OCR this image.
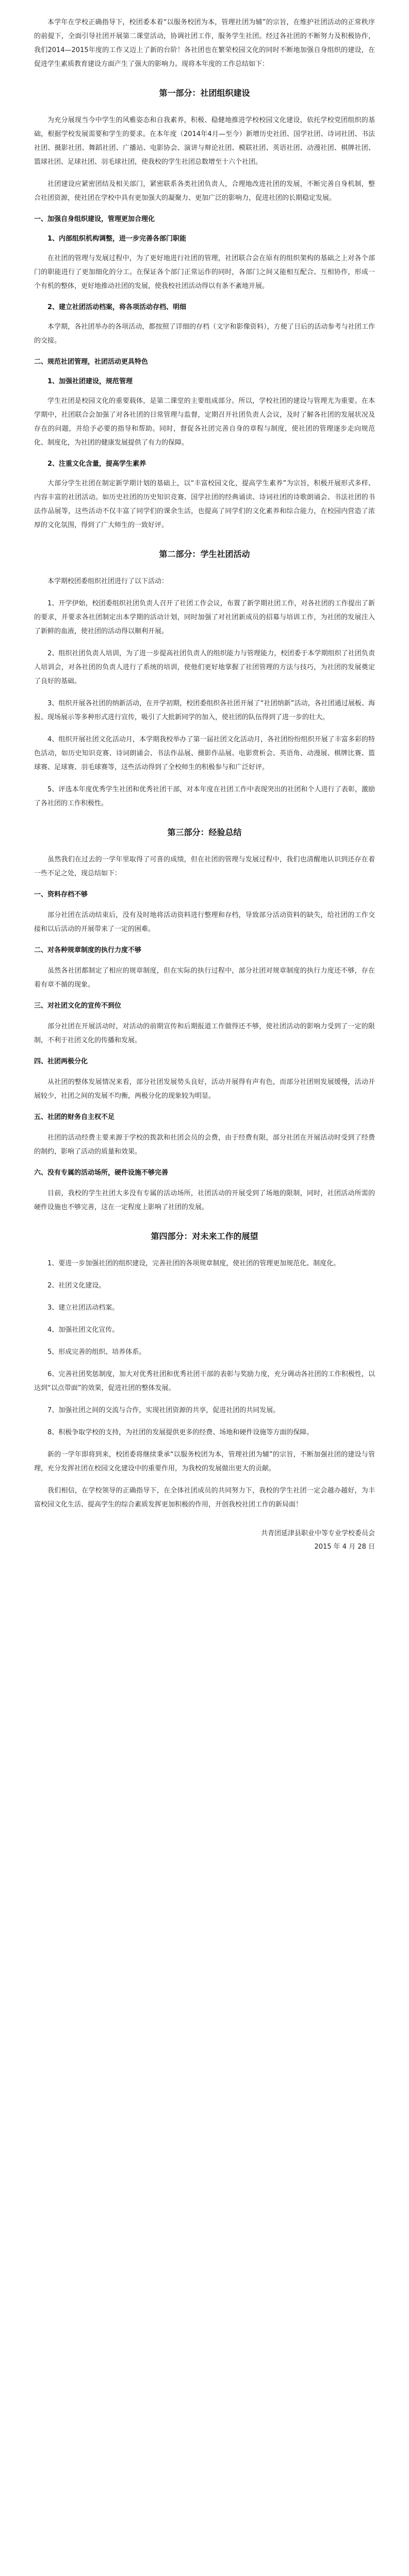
本学年在学校正确指导下，校团委本着“以服务校团为本，管理社团为辅”的宗旨，在维护社团活动的正常秩序的前提下，全面引导社团开展第二课堂活动，协调社团工作，服务学生社团。经过各社团的不断努力及积极协作，我们2014—2015年度的工作又迈上了新的台阶！各社团也在繁荣校园文化的同时不断地加强自身组织的建设，在促进学生素质教育建设方面产生了强大的影响力。现将本年度的工作总结如下：

第一部分：社团组织建设

为充分展现当今中学生的风雅姿态和自我素养，积极、稳健地推进学校校园文化建设，依托学校党团组织的基础，根据学校发展需要和学生的要求。在本年度（2014年4月—至今）新增历史社团、国学社团、诗词社团、书法社团、摄影社团、舞蹈社团、广播站、电影协会、演讲与辩论社团、模联社团、英语社团、动漫社团、棋牌社团、篮球社团、足球社团、羽毛球社团，使我校的学生社团总数增至十六个社团。

社团建设应紧密团结及相关部门，紧密联系各类社团负责人，合理地改进社团的发展，不断完善自身机制，整合社团资源，使社团在学校中具有更加强大的凝聚力、更加广泛的影响力，促进社团的长期稳定发展。

一、加强自身组织建设，管理更加合理化
1、内部组织机构调整，进一步完善各部门职能

在社团的管理与发展过程中，为了更好地进行社团的管理，社团联合会在原有的组织架构的基础之上对各个部门的职能进行了更加细化的分工。在保证各个部门正常运作的同时，各部门之间又能相互配合、互相协作，形成一个有机的整体，更好地推动社团的发展，使我校社团活动得以有条不紊地开展。

2、建立社团活动档案，将各项活动存档、明细

本学期，各社团举办的各项活动，都按照了详细的存档（文字和影像资料），方便了日后的活动参考与社团工作的交接。

二、规范社团管理，社团活动更具特色
1、加强社团建设，规范管理

学生社团是校园文化的重要载体，是第二课堂的主要组成部分。所以，学校社团的建设与管理尤为重要。在本学期中，社团联合会加强了对各社团的日常管理与监督，定期召开社团负责人会议，及时了解各社团的发展状况及存在的问题，并给予必要的指导和帮助。同时，督促各社团完善自身的章程与制度，使社团的管理逐步走向规范化、制度化，为社团的健康发展提供了有力的保障。

2、注重文化含量，提高学生素养

大部分学生社团在制定新学期计划的基础上，以“丰富校园文化，提高学生素养”为宗旨，积极开展形式多样、内容丰富的社团活动。如历史社团的历史知识竞赛、国学社团的经典诵读、诗词社团的诗歌朗诵会、书法社团的书法作品展等，这些活动不仅丰富了同学们的课余生活，也提高了同学们的文化素养和综合能力，在校园内营造了浓厚的文化氛围，得到了广大师生的一致好评。

第二部分：学生社团活动

本学期校团委组织社团进行了以下活动：

1、开学伊始，校团委组织社团负责人召开了社团工作会议，布置了新学期社团工作，对各社团的工作提出了新的要求，并要求各社团制定出本学期的活动计划，同时加强了对社团新成员的招募与培训工作，为社团的发展注入了新鲜的血液，使社团的活动得以顺利开展。

2、组织社团负责人培训，为了进一步提高社团负责人的组织能力与管理能力，校团委于本学期组织了社团负责人培训会，对各社团的负责人进行了系统的培训，使他们更好地掌握了社团管理的方法与技巧，为社团的发展奠定了良好的基础。

3、组织开展各社团的纳新活动，在开学初期，校团委组织各社团开展了“社团纳新”活动，各社团通过展板、海报、现场展示等多种形式进行宣传，吸引了大批新同学的加入，使社团的队伍得到了进一步的壮大。

4、组织开展社团文化活动月，本学期我校举办了第一届社团文化活动月，各社团纷纷组织开展了丰富多彩的特色活动，如历史知识竞赛、诗词朗诵会、书法作品展、摄影作品展、电影赏析会、英语角、动漫展、棋牌比赛、篮球赛、足球赛、羽毛球赛等，这些活动得到了全校师生的积极参与和广泛好评。

5、评选本年度优秀学生社团和优秀社团干部，对本年度在社团工作中表现突出的社团和个人进行了表彰，激励了各社团的工作积极性。

第三部分：经验总结

虽然我们在过去的一学年里取得了可喜的成绩，但在社团的管理与发展过程中，我们也清醒地认识到还存在着一些不足之处，现总结如下：

一、资料存档不够

部分社团在活动结束后，没有及时地将活动资料进行整理和存档，导致部分活动资料的缺失，给社团的工作交接和以后活动的开展带来了一定的困难。

二、对各种规章制度的执行力度不够

虽然各社团都制定了相应的规章制度，但在实际的执行过程中，部分社团对规章制度的执行力度还不够，存在着有章不循的现象。

三、对社团文化的宣传不到位

部分社团在开展活动时，对活动的前期宣传和后期报道工作做得还不够，使社团活动的影响力受到了一定的限制，不利于社团文化的传播和发展。

四、社团两极分化

从社团的整体发展情况来看，部分社团发展势头良好，活动开展得有声有色，而部分社团则发展缓慢，活动开展较少，社团之间的发展不均衡，两极分化的现象较为明显。

五、社团的财务自主权不足

社团的活动经费主要来源于学校的拨款和社团会员的会费，由于经费有限，部分社团在开展活动时受到了经费的制约，影响了活动的质量和效果。

六、没有专属的活动场所，硬件设施不够完善

目前，我校的学生社团大多没有专属的活动场所，社团活动的开展受到了场地的限制，同时，社团活动所需的硬件设施也不够完善，这在一定程度上影响了社团的发展。

第四部分：对未来工作的展望

1、要进一步加强社团的组织建设，完善社团的各项规章制度，使社团的管理更加规范化、制度化。

2、社团文化建设。

3、建立社团活动档案。

4、加强社团文化宣传。

5、形成完善的组织、培养体系。

6、完善社团奖惩制度，加大对优秀社团和优秀社团干部的表彰与奖励力度，充分调动各社团的工作积极性，以达到“以点带面”的效果，促进社团的整体发展。

7、加强社团之间的交流与合作，实现社团资源的共享，促进社团的共同发展。

8、积极争取学校的支持，为社团的发展提供更多的经费、场地和硬件设施等方面的保障。

新的一学年即将到来，校团委将继续秉承“以服务校团为本，管理社团为辅”的宗旨，不断加强社团的建设与管理，充分发挥社团在校园文化建设中的重要作用，为我校的发展做出更大的贡献。

我们相信，在学校领导的正确指导下，在全体社团成员的共同努力下，我校的学生社团一定会越办越好，为丰富校园文化生活、提高学生的综合素质发挥更加积极的作用，开创我校社团工作的新局面！

共青团延津县职业中等专业学校委员会

2015 年 4 月 28 日
